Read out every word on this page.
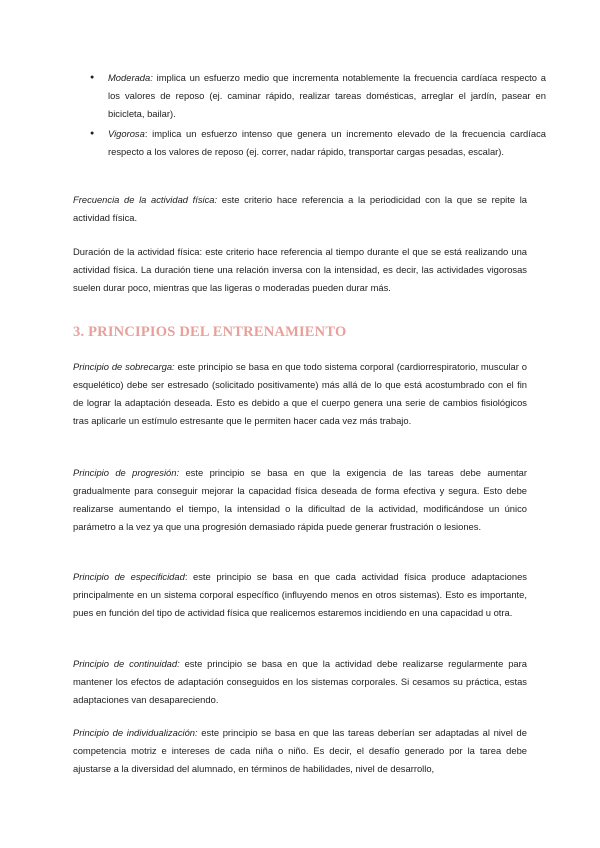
● Moderada: implica un esfuerzo medio que incrementa notablemente la frecuencia cardíaca respecto a los valores de reposo (ej. caminar rápido, realizar tareas domésticas, arreglar el jardín, pasear en bicicleta, bailar).
● Vigorosa: implica un esfuerzo intenso que genera un incremento elevado de la frecuencia cardíaca respecto a los valores de reposo (ej. correr, nadar rápido, transportar cargas pesadas, escalar).

Frecuencia de la actividad física: este criterio hace referencia a la periodicidad con la que se repite la actividad física.

Duración de la actividad física: este criterio hace referencia al tiempo durante el que se está realizando una actividad física. La duración tiene una relación inversa con la intensidad, es decir, las actividades vigorosas suelen durar poco, mientras que las ligeras o moderadas pueden durar más.

3. PRINCIPIOS DEL ENTRENAMIENTO

Principio de sobrecarga: este principio se basa en que todo sistema corporal (cardiorrespiratorio, muscular o esquelético) debe ser estresado (solicitado positivamente) más allá de lo que está acostumbrado con el fin de lograr la adaptación deseada. Esto es debido a que el cuerpo genera una serie de cambios fisiológicos tras aplicarle un estímulo estresante que le permiten hacer cada vez más trabajo.

Principio de progresión: este principio se basa en que la exigencia de las tareas debe aumentar gradualmente para conseguir mejorar la capacidad física deseada de forma efectiva y segura. Esto debe realizarse aumentando el tiempo, la intensidad o la dificultad de la actividad, modificándose un único parámetro a la vez ya que una progresión demasiado rápida puede generar frustración o lesiones.

Principio de especificidad: este principio se basa en que cada actividad física produce adaptaciones principalmente en un sistema corporal específico (influyendo menos en otros sistemas). Esto es importante, pues en función del tipo de actividad física que realicemos estaremos incidiendo en una capacidad u otra.

Principio de continuidad: este principio se basa en que la actividad debe realizarse regularmente para mantener los efectos de adaptación conseguidos en los sistemas corporales. Si cesamos su práctica, estas adaptaciones van desapareciendo.

Principio de individualización: este principio se basa en que las tareas deberían ser adaptadas al nivel de competencia motriz e intereses de cada niña o niño. Es decir, el desafío generado por la tarea debe ajustarse a la diversidad del alumnado, en términos de habilidades, nivel de desarrollo,
